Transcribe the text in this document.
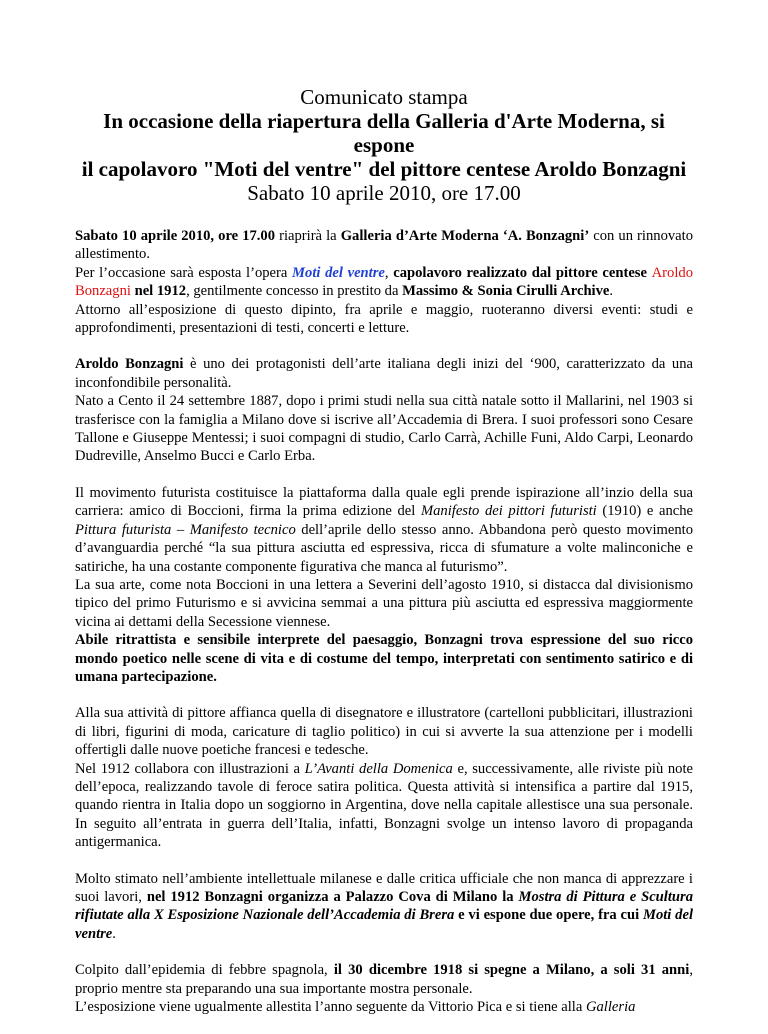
Comunicato stampa
In occasione della riapertura della Galleria d'Arte Moderna, si espone
il capolavoro "Moti del ventre" del pittore centese Aroldo Bonzagni
Sabato 10 aprile 2010, ore 17.00

Sabato 10 aprile 2010, ore 17.00 riaprirà la Galleria d’Arte Moderna ‘A. Bonzagni’ con un rinnovato allestimento.
Per l’occasione sarà esposta l’opera Moti del ventre, capolavoro realizzato dal pittore centese Aroldo Bonzagni nel 1912, gentilmente concesso in prestito da Massimo & Sonia Cirulli Archive.
Attorno all’esposizione di questo dipinto, fra aprile e maggio, ruoteranno diversi eventi: studi e approfondimenti, presentazioni di testi, concerti e letture.

Aroldo Bonzagni è uno dei protagonisti dell’arte italiana degli inizi del ‘900, caratterizzato da una inconfondibile personalità.
Nato a Cento il 24 settembre 1887, dopo i primi studi nella sua città natale sotto il Mallarini, nel 1903 si trasferisce con la famiglia a Milano dove si iscrive all’Accademia di Brera. I suoi professori sono Cesare Tallone e Giuseppe Mentessi; i suoi compagni di studio, Carlo Carrà, Achille Funi, Aldo Carpi, Leonardo Dudreville, Anselmo Bucci e Carlo Erba.

Il movimento futurista costituisce la piattaforma dalla quale egli prende ispirazione all’inzio della sua carriera: amico di Boccioni, firma la prima edizione del Manifesto dei pittori futuristi (1910) e anche Pittura futurista – Manifesto tecnico dell’aprile dello stesso anno. Abbandona però questo movimento d’avanguardia perché “la sua pittura asciutta ed espressiva, ricca di sfumature a volte malinconiche e satiriche, ha una costante componente figurativa che manca al futurismo”.
La sua arte, come nota Boccioni in una lettera a Severini dell’agosto 1910, si distacca dal divisionismo tipico del primo Futurismo e si avvicina semmai a una pittura più asciutta ed espressiva maggiormente vicina ai dettami della Secessione viennese.
Abile ritrattista e sensibile interprete del paesaggio, Bonzagni trova espressione del suo ricco mondo poetico nelle scene di vita e di costume del tempo, interpretati con sentimento satirico e di umana partecipazione.

Alla sua attività di pittore affianca quella di disegnatore e illustratore (cartelloni pubblicitari, illustrazioni di libri, figurini di moda, caricature di taglio politico) in cui si avverte la sua attenzione per i modelli offertigli dalle nuove poetiche francesi e tedesche.
Nel 1912 collabora con illustrazioni a L’Avanti della Domenica e, successivamente, alle riviste più note dell’epoca, realizzando tavole di feroce satira politica. Questa attività si intensifica a partire dal 1915, quando rientra in Italia dopo un soggiorno in Argentina, dove nella capitale allestisce una sua personale. In seguito all’entrata in guerra dell’Italia, infatti, Bonzagni svolge un intenso lavoro di propaganda antigermanica.

Molto stimato nell’ambiente intellettuale milanese e dalle critica ufficiale che non manca di apprezzare i suoi lavori, nel 1912 Bonzagni organizza a Palazzo Cova di Milano la Mostra di Pittura e Scultura rifiutate alla X Esposizione Nazionale dell’Accademia di Brera e vi espone due opere, fra cui Moti del ventre.

Colpito dall’epidemia di febbre spagnola, il 30 dicembre 1918 si spegne a Milano, a soli 31 anni, proprio mentre sta preparando una sua importante mostra personale.
L’esposizione viene ugualmente allestita l’anno seguente da Vittorio Pica e si tiene alla Galleria
